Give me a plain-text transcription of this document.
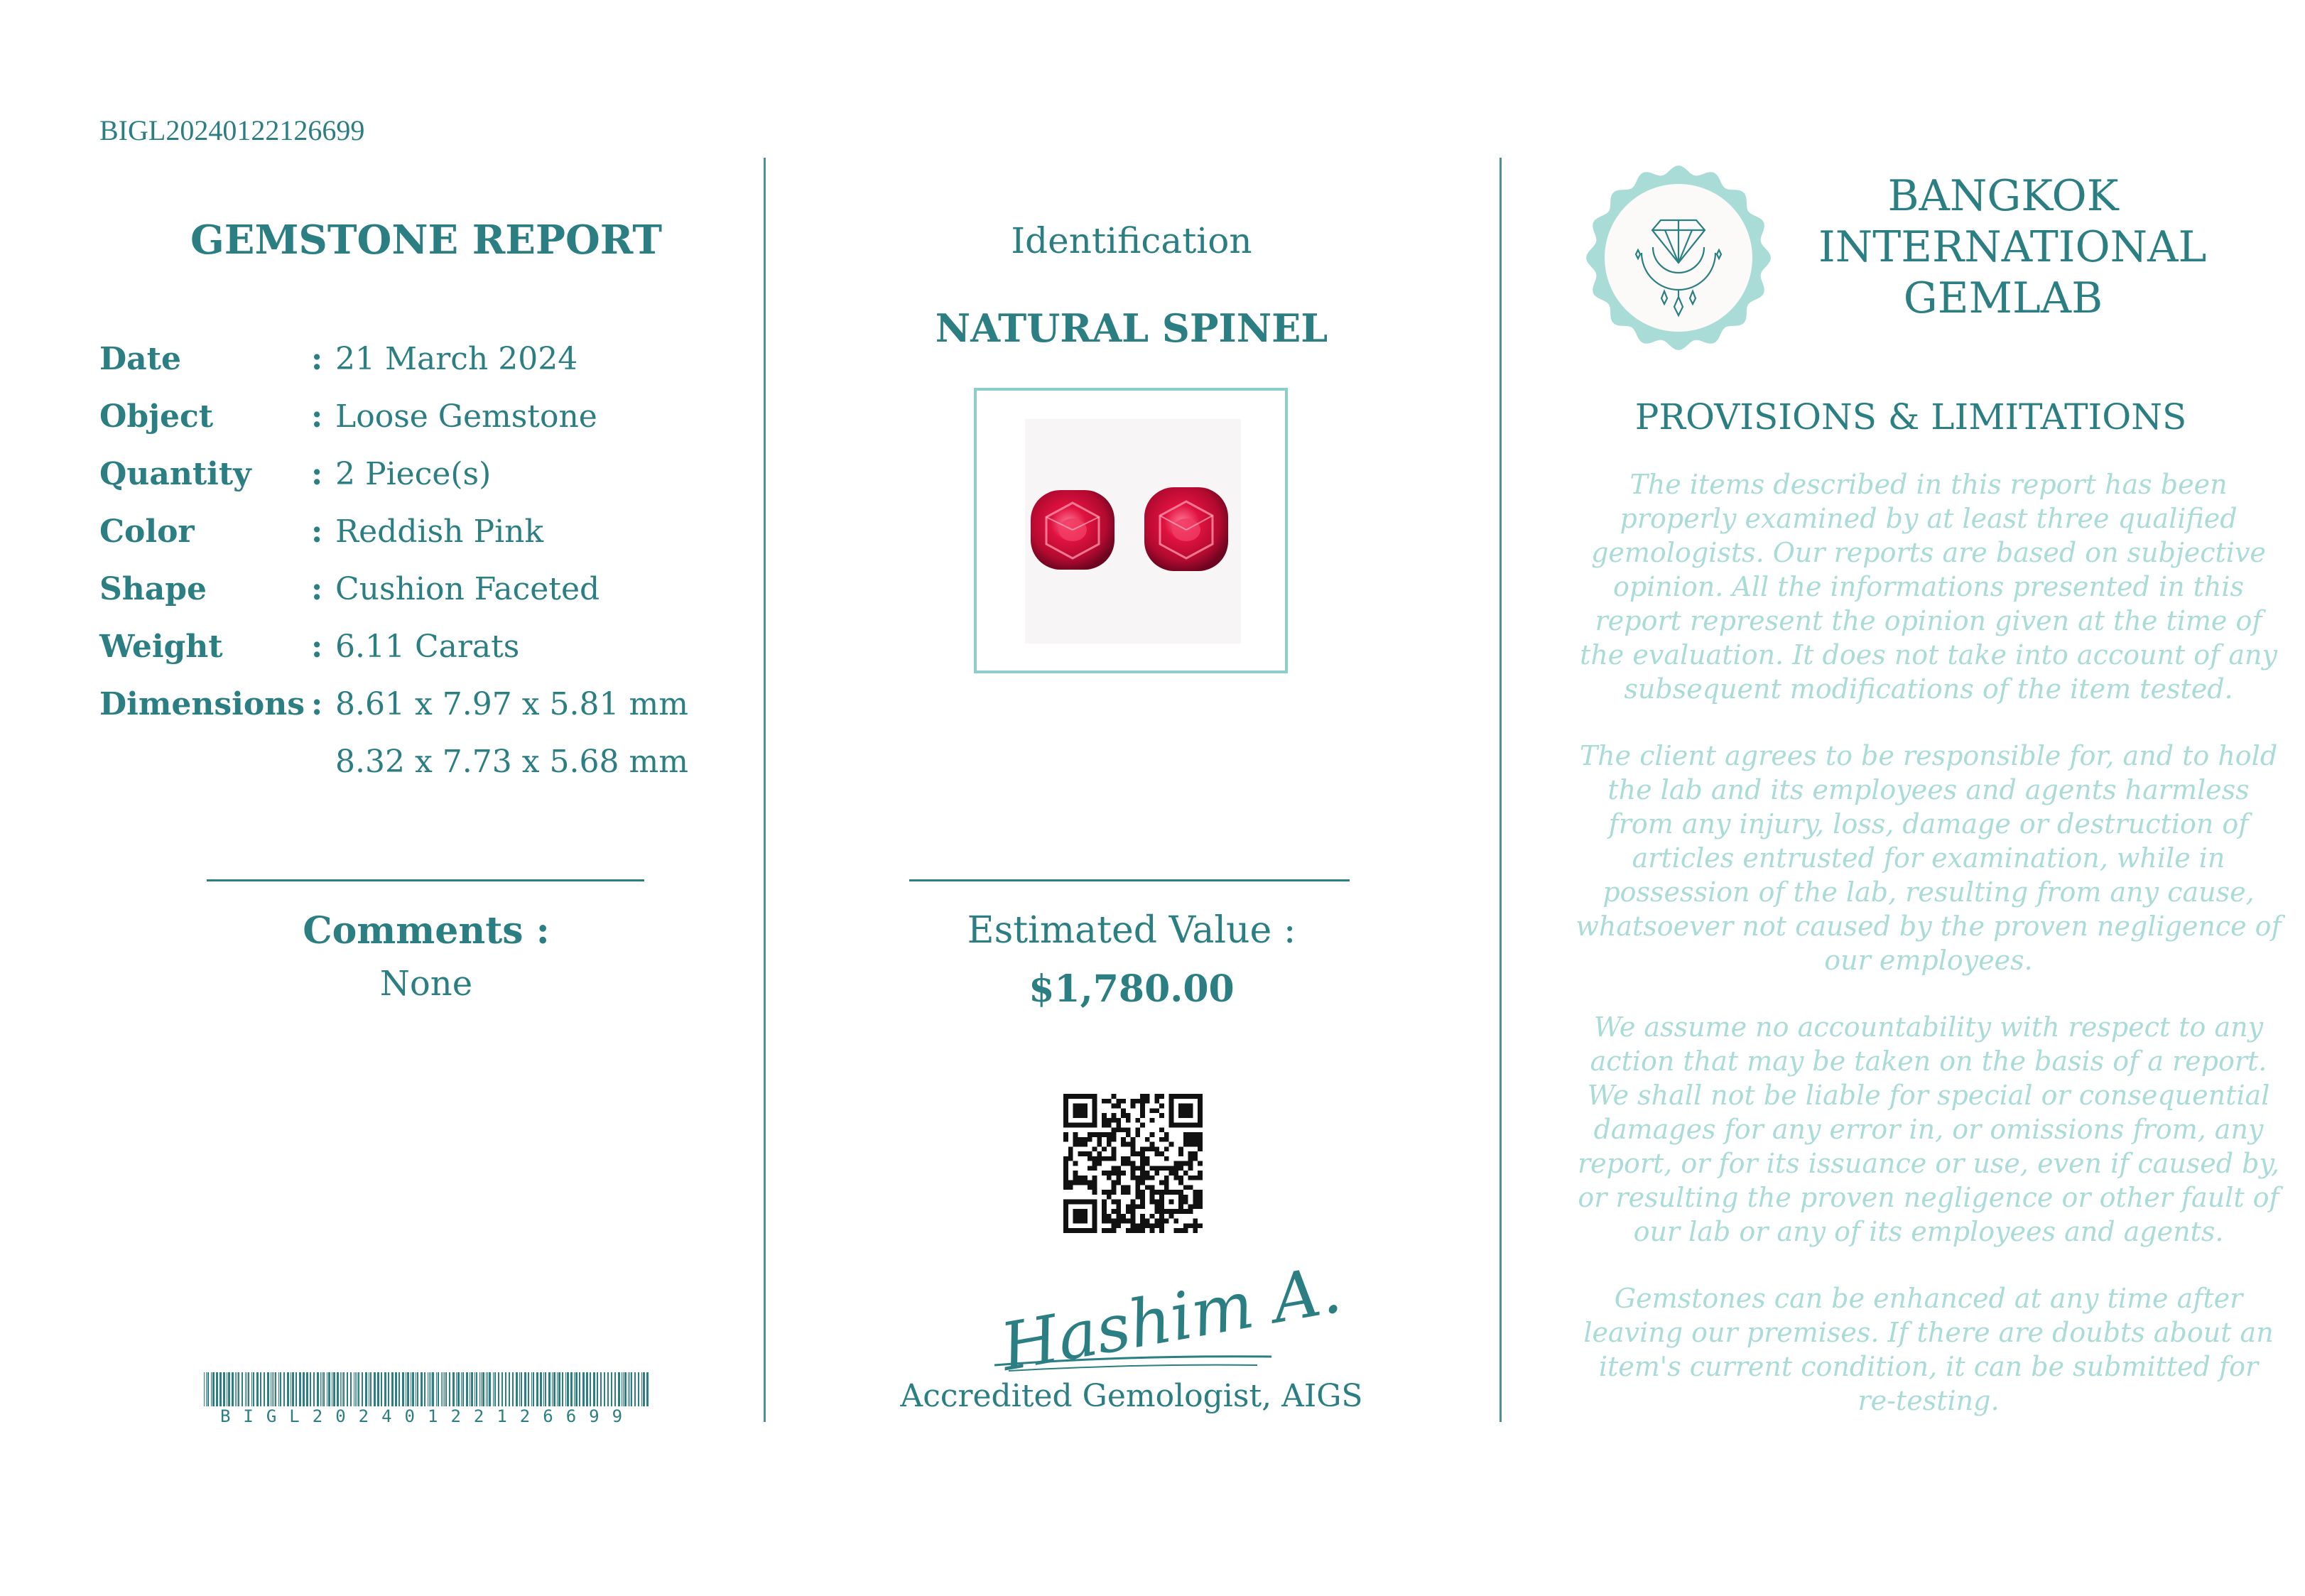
BIGL20240122126699
GEMSTONE REPORT
Date	: 21 March 2024
Object	: Loose Gemstone
Quantity : 2 Piece(s)
Color	: Reddish Pink
Shape	: Cushion Faceted
Weight	: 6.11 Carats
Dimensions : 8.61 x 7.97 x 5.81 mm
8.32 x 7.73 x 5.68 mm
Comments :
None
BIGL20240122126699
Identification
NATURAL SPINEL
Estimated Value :
$1,780.00
Hashim A.
Accredited Gemologist, AIGS
BANGKOK
INTERNATIONAL
GEMLAB
PROVISIONS & LIMITATIONS
The items described in this report has been
properly examined by at least three qualified
gemologists. Our reports are based on subjective
opinion. All the informations presented in this
report represent the opinion given at the time of
the evaluation. It does not take into account of any
subsequent modifications of the item tested.
The client agrees to be responsible for, and to hold
the lab and its employees and agents harmless
from any injury, loss, damage or destruction of
articles entrusted for examination, while in
possession of the lab, resulting from any cause,
whatsoever not caused by the proven negligence of
our employees.
We assume no accountability with respect to any
action that may be taken on the basis of a report.
We shall not be liable for special or consequential
damages for any error in, or omissions from, any
report, or for its issuance or use, even if caused by,
or resulting the proven negligence or other fault of
our lab or any of its employees and agents.
Gemstones can be enhanced at any time after
leaving our premises. If there are doubts about an
item's current condition, it can be submitted for
re-testing.
